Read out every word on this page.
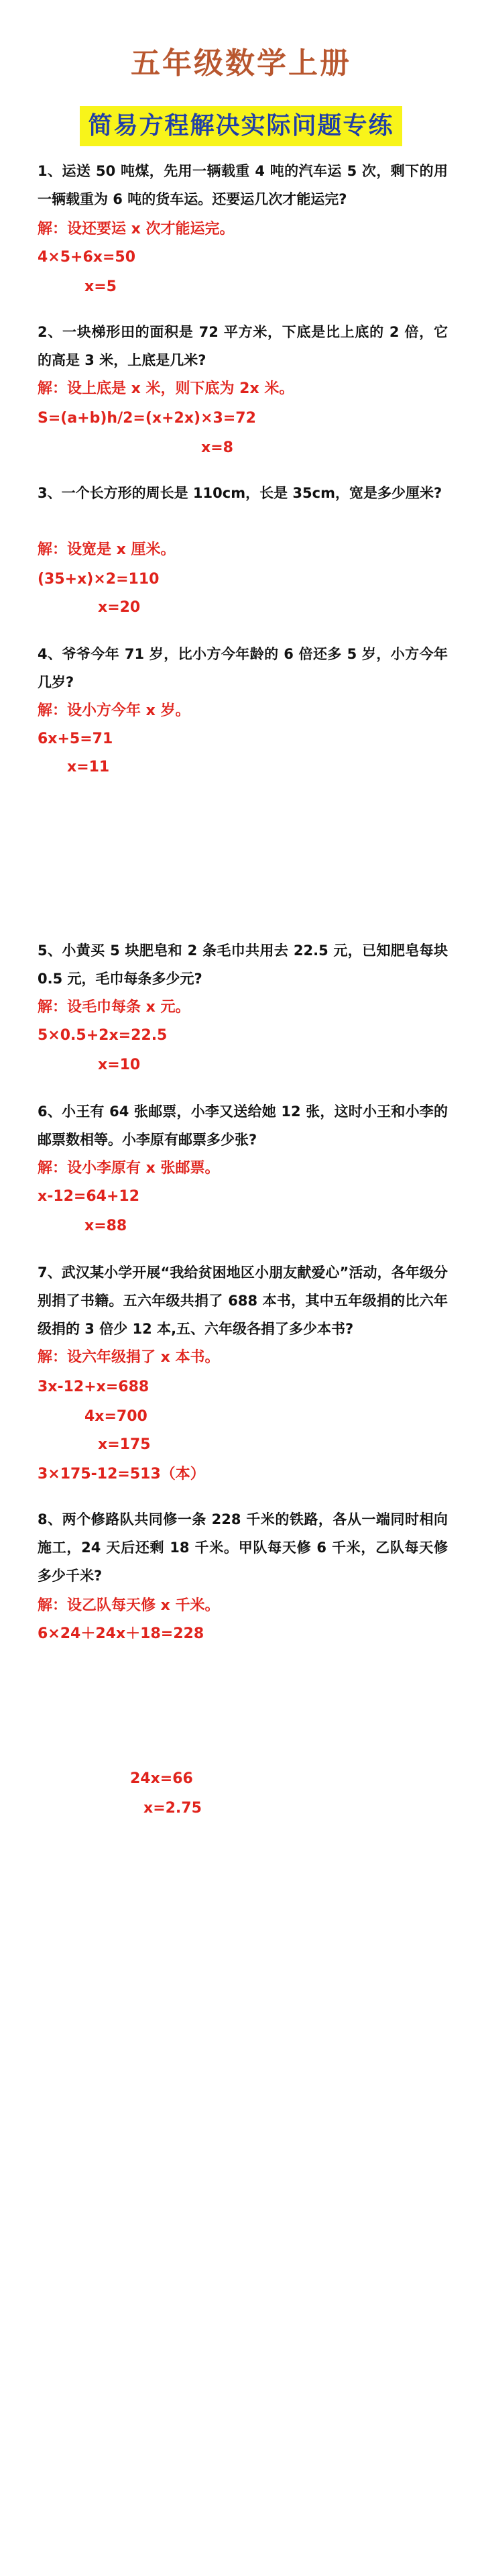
五年级数学上册
简易方程解决实际问题专练
1、运送 50 吨煤，先用一辆载重 4 吨的汽车运 5 次，剩下的用一辆载重为 6 吨的货车运。还要运几次才能运完?
解：设还要运 x 次才能运完。
4×5+6x=50
x=5
2、一块梯形田的面积是 72 平方米，下底是比上底的 2 倍，它的高是 3 米，上底是几米?
解：设上底是 x 米，则下底为 2x 米。
S=(a+b)h/2=(x+2x)×3=72
x=8
3、一个长方形的周长是 110cm，长是 35cm，宽是多少厘米?
解：设宽是 x 厘米。
(35+x)×2=110
x=20
4、爷爷今年 71 岁，比小方今年龄的 6 倍还多 5 岁，小方今年几岁?
解：设小方今年 x 岁。
6x+5=71
x=11
5、小黄买 5 块肥皂和 2 条毛巾共用去 22.5 元，已知肥皂每块 0.5 元，毛巾每条多少元?
解：设毛巾每条 x 元。
5×0.5+2x=22.5
x=10
6、小王有 64 张邮票，小李又送给她 12 张，这时小王和小李的邮票数相等。小李原有邮票多少张?
解：设小李原有 x 张邮票。
x-12=64+12
x=88
7、武汉某小学开展“我给贫困地区小朋友献爱心”活动，各年级分别捐了书籍。五六年级共捐了 688 本书，其中五年级捐的比六年级捐的 3 倍少 12 本,五、六年级各捐了多少本书?
解：设六年级捐了 x 本书。
3x-12+x=688
4x=700
x=175
3×175-12=513（本）
8、两个修路队共同修一条 228 千米的铁路，各从一端同时相向施工，24 天后还剩 18 千米。甲队每天修 6 千米，乙队每天修多少千米?
解：设乙队每天修 x 千米。
6×24＋24x＋18=228
24x=66
x=2.75
